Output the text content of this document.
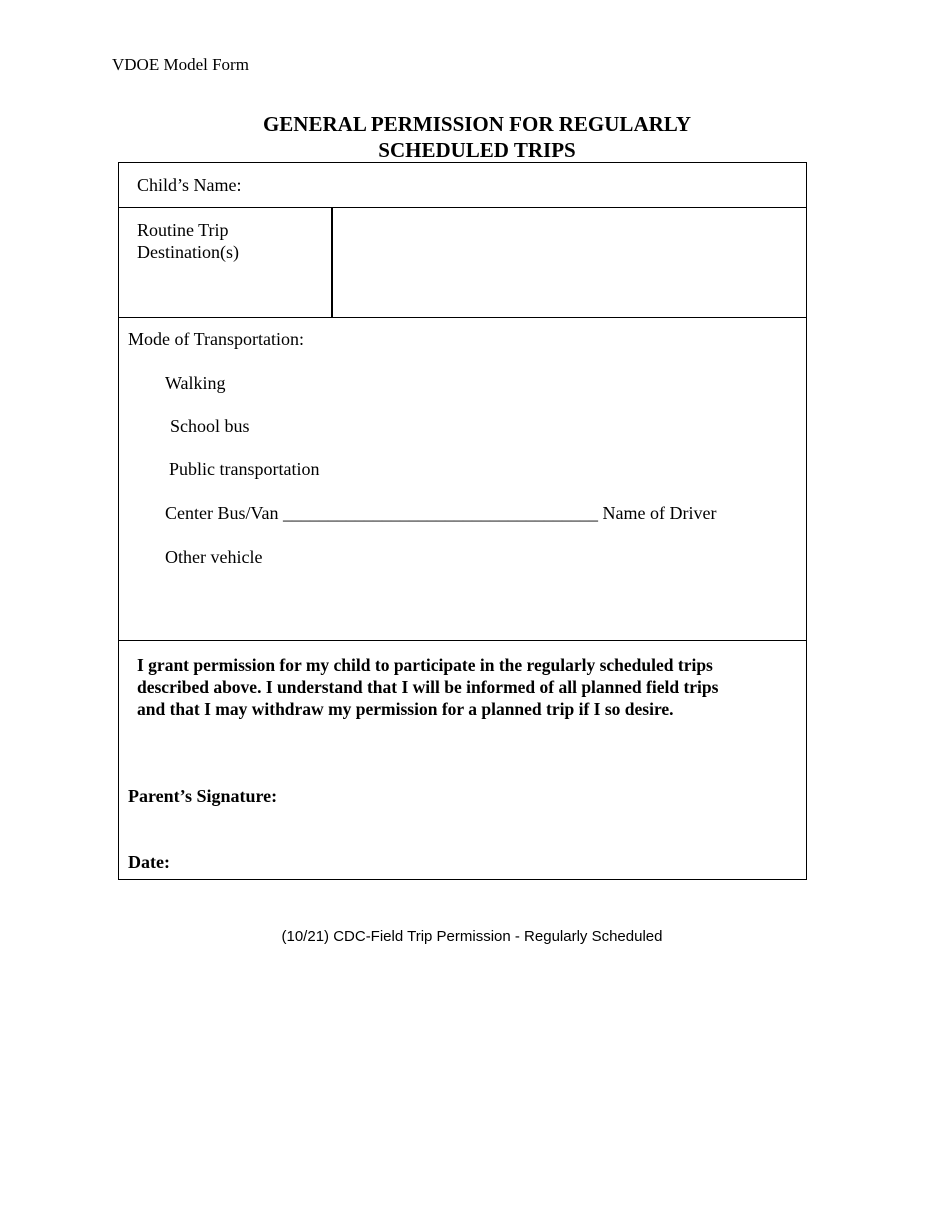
VDOE Model Form
GENERAL PERMISSION FOR REGULARLY
SCHEDULED TRIPS
Child’s Name:
Routine Trip
Destination(s)
Mode of Transportation:
Walking
School bus
Public transportation
Center Bus/Van ___________________________________ Name of Driver
Other vehicle
I grant permission for my child to participate in the regularly scheduled trips described above. I understand that I will be informed of all planned field trips and that I may withdraw my permission for a planned trip if I so desire.
Parent’s Signature:
Date:
(10/21) CDC-Field Trip Permission - Regularly Scheduled
